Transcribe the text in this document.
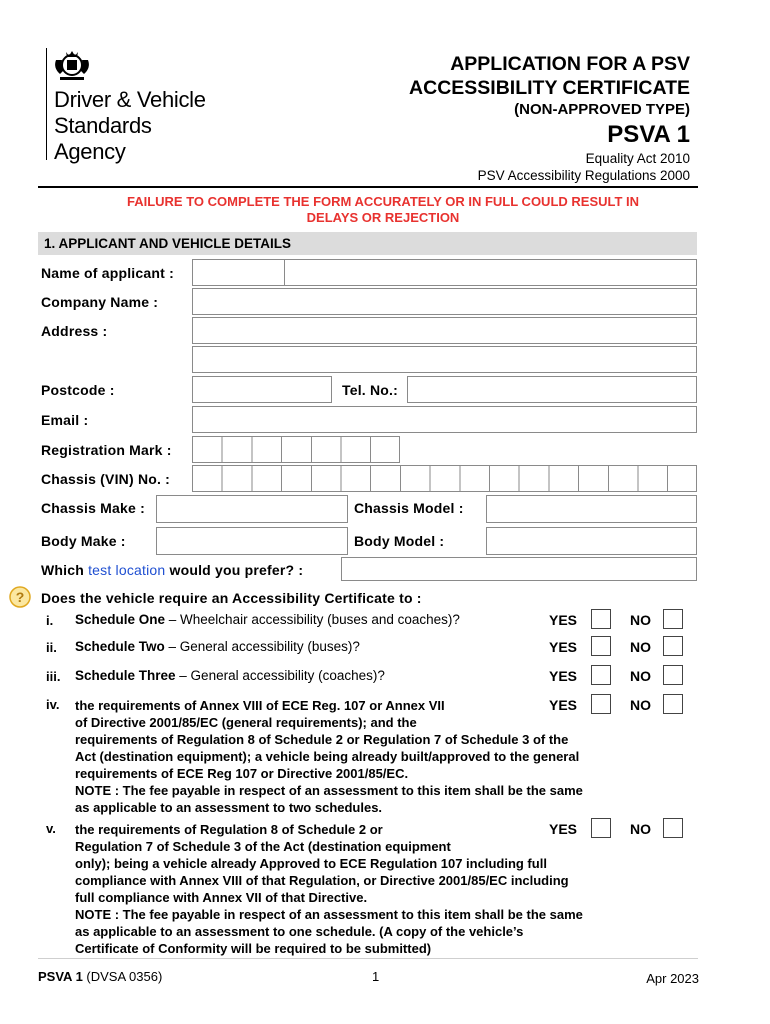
Driver & Vehicle
Standards
Agency
APPLICATION FOR A PSV
ACCESSIBILITY CERTIFICATE
(NON-APPROVED TYPE)
PSVA 1
Equality Act 2010
PSV Accessibility Regulations 2000
FAILURE TO COMPLETE THE FORM ACCURATELY OR IN FULL COULD RESULT IN
DELAYS OR REJECTION
1. APPLICANT AND VEHICLE DETAILS
Name of applicant :
Company Name :
Address :
Postcode :	Tel. No.:
Email :
Registration Mark :
Chassis (VIN) No. :
Chassis Make :	Chassis Model :
Body Make :	Body Model :
Which test location would you prefer? :
? Does the vehicle require an Accessibility Certificate to :
i. Schedule One – Wheelchair accessibility (buses and coaches)?	YES	NO
ii. Schedule Two – General accessibility (buses)?	YES	NO
iii. Schedule Three – General accessibility (coaches)?	YES	NO
iv. the requirements of Annex VIII of ECE Reg. 107 or Annex VII
of Directive 2001/85/EC (general requirements); and the
requirements of Regulation 8 of Schedule 2 or Regulation 7 of Schedule 3 of the
Act (destination equipment); a vehicle being already built/approved to the general
requirements of ECE Reg 107 or Directive 2001/85/EC.
NOTE : The fee payable in respect of an assessment to this item shall be the same
as applicable to an assessment to two schedules.
YES	NO
v. the requirements of Regulation 8 of Schedule 2 or
Regulation 7 of Schedule 3 of the Act (destination equipment
only); being a vehicle already Approved to ECE Regulation 107 including full
compliance with Annex VIII of that Regulation, or Directive 2001/85/EC including
full compliance with Annex VII of that Directive.
NOTE : The fee payable in respect of an assessment to this item shall be the same
as applicable to an assessment to one schedule. (A copy of the vehicle’s
Certificate of Conformity will be required to be submitted)
YES	NO
PSVA 1 (DVSA 0356)	1	Apr 2023
